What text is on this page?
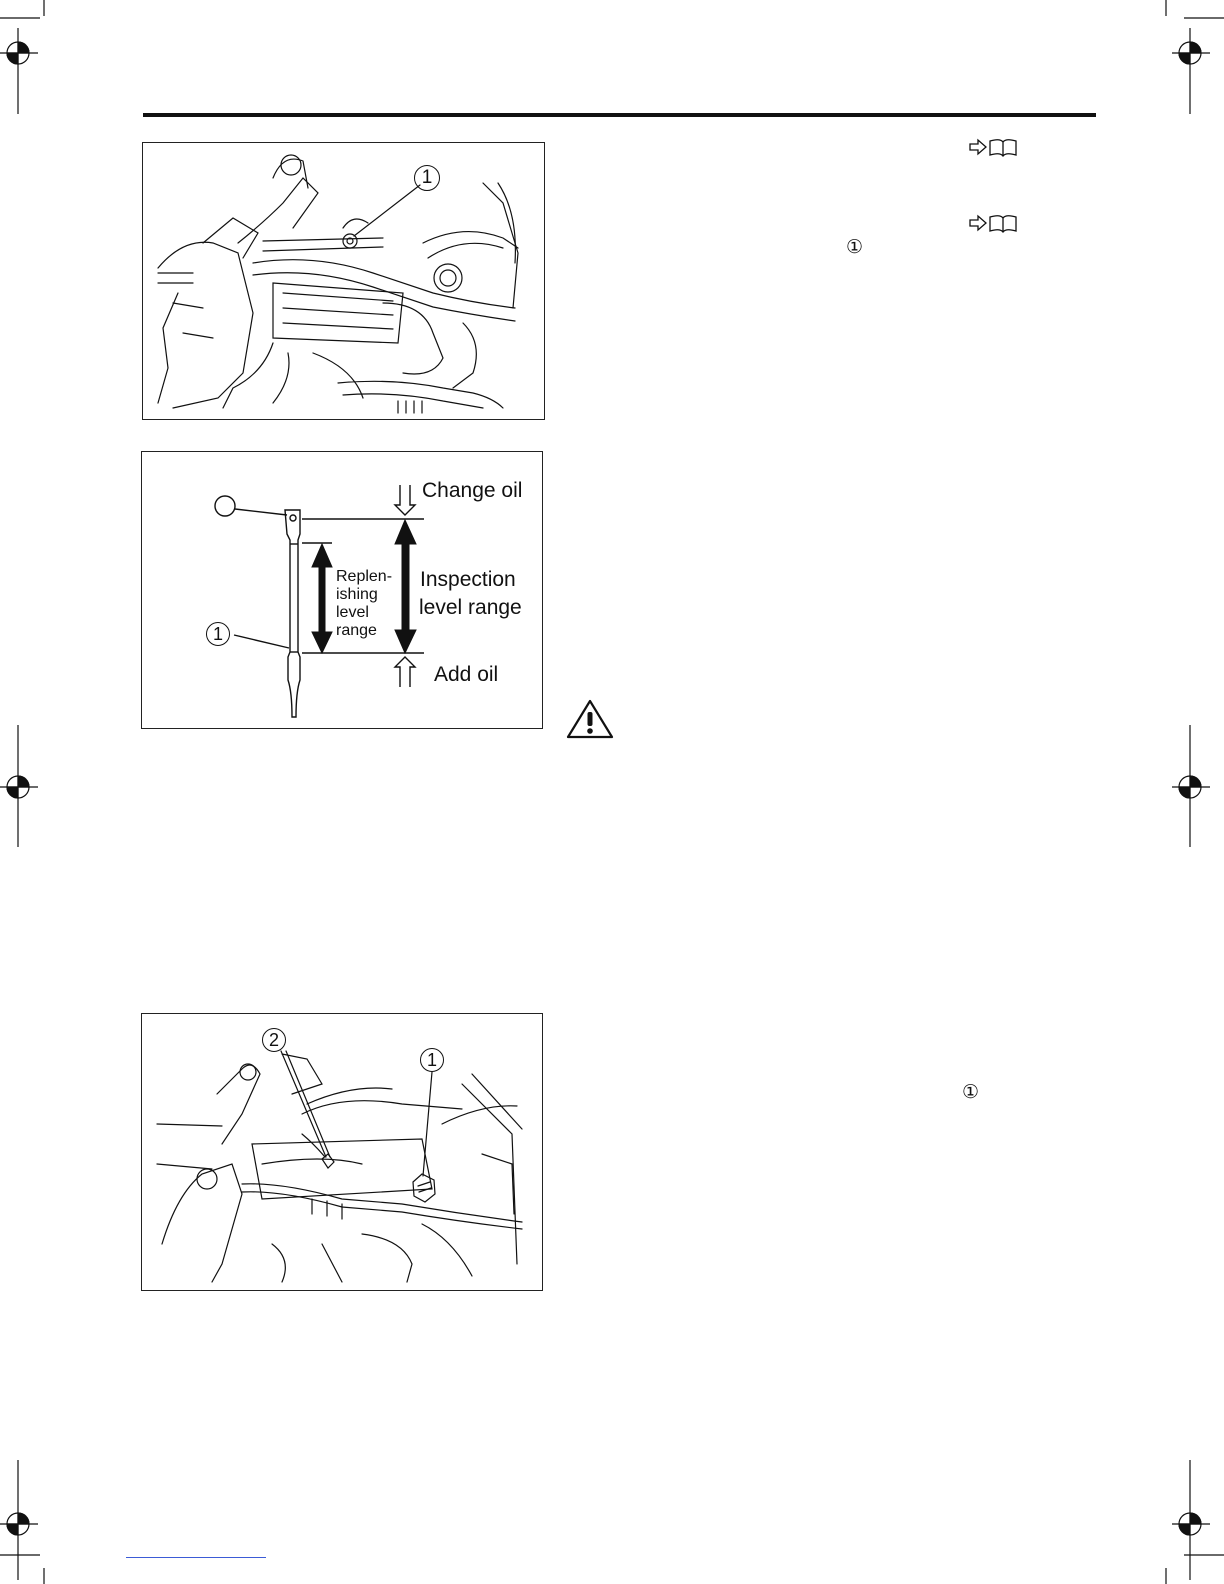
1
Change oil
Inspection
level range
Replen-
ishing
level
range
Add oil
1
2
1
①
①
